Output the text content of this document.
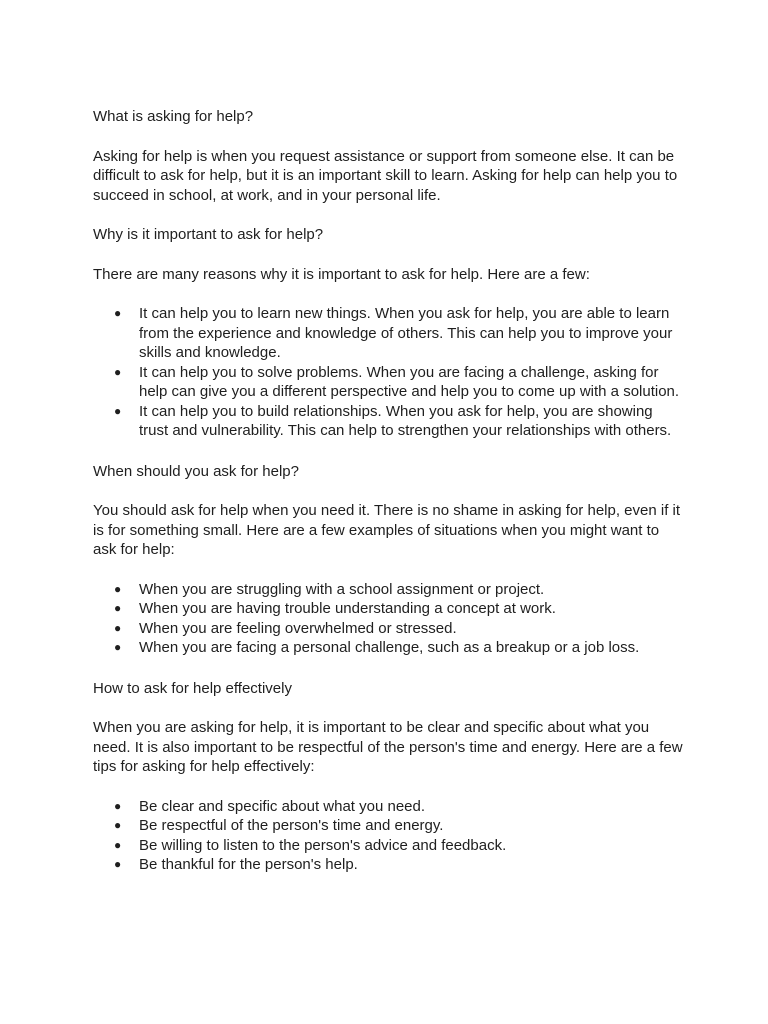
What is asking for help?

Asking for help is when you request assistance or support from someone else. It can be difficult to ask for help, but it is an important skill to learn. Asking for help can help you to succeed in school, at work, and in your personal life.

Why is it important to ask for help?

There are many reasons why it is important to ask for help. Here are a few:

● It can help you to learn new things. When you ask for help, you are able to learn from the experience and knowledge of others. This can help you to improve your skills and knowledge.
● It can help you to solve problems. When you are facing a challenge, asking for help can give you a different perspective and help you to come up with a solution.
● It can help you to build relationships. When you ask for help, you are showing trust and vulnerability. This can help to strengthen your relationships with others.

When should you ask for help?

You should ask for help when you need it. There is no shame in asking for help, even if it is for something small. Here are a few examples of situations when you might want to ask for help:

● When you are struggling with a school assignment or project.
● When you are having trouble understanding a concept at work.
● When you are feeling overwhelmed or stressed.
● When you are facing a personal challenge, such as a breakup or a job loss.

How to ask for help effectively

When you are asking for help, it is important to be clear and specific about what you need. It is also important to be respectful of the person's time and energy. Here are a few tips for asking for help effectively:

● Be clear and specific about what you need.
● Be respectful of the person's time and energy.
● Be willing to listen to the person's advice and feedback.
● Be thankful for the person's help.
